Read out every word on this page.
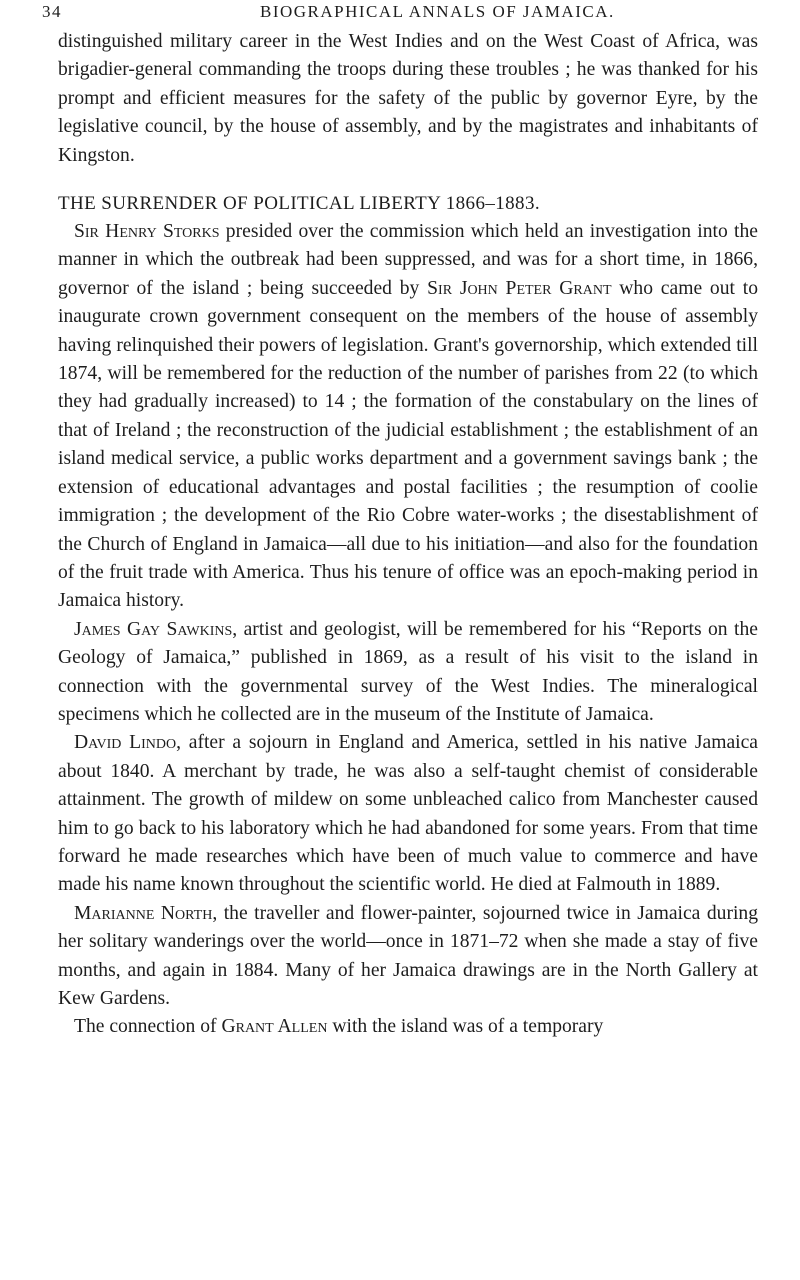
34	BIOGRAPHICAL ANNALS OF JAMAICA.

distinguished military career in the West Indies and on the West Coast of Africa, was brigadier-general commanding the troops during these troubles ; he was thanked for his prompt and efficient measures for the safety of the public by governor Eyre, by the legislative council, by the house of assembly, and by the magistrates and inhabitants of Kingston.

THE SURRENDER OF POLITICAL LIBERTY 1866–1883.

Sir Henry Storks presided over the commission which held an investigation into the manner in which the outbreak had been suppressed, and was for a short time, in 1866, governor of the island ; being succeeded by Sir John Peter Grant who came out to inaugurate crown government consequent on the members of the house of assembly having relinquished their powers of legislation. Grant's governorship, which extended till 1874, will be remembered for the reduction of the number of parishes from 22 (to which they had gradually increased) to 14 ; the formation of the constabulary on the lines of that of Ireland ; the reconstruction of the judicial establishment ; the establishment of an island medical service, a public works department and a government savings bank ; the extension of educational advantages and postal facilities ; the resumption of coolie immigration ; the development of the Rio Cobre water-works ; the disestablishment of the Church of England in Jamaica—all due to his initiation—and also for the foundation of the fruit trade with America. Thus his tenure of office was an epoch-making period in Jamaica history.

James Gay Sawkins, artist and geologist, will be remembered for his “Reports on the Geology of Jamaica,” published in 1869, as a result of his visit to the island in connection with the governmental survey of the West Indies. The mineralogical specimens which he collected are in the museum of the Institute of Jamaica.

David Lindo, after a sojourn in England and America, settled in his native Jamaica about 1840. A merchant by trade, he was also a self-taught chemist of considerable attainment. The growth of mildew on some unbleached calico from Manchester caused him to go back to his laboratory which he had abandoned for some years. From that time forward he made researches which have been of much value to commerce and have made his name known throughout the scientific world. He died at Falmouth in 1889.

Marianne North, the traveller and flower-painter, sojourned twice in Jamaica during her solitary wanderings over the world—once in 1871–72 when she made a stay of five months, and again in 1884. Many of her Jamaica drawings are in the North Gallery at Kew Gardens.

The connection of Grant Allen with the island was of a temporary
